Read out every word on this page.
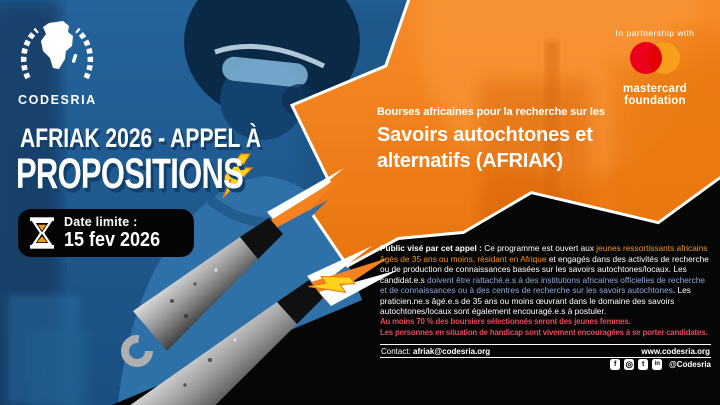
CODESRIA
AFRIAK 2026 - APPEL À
PROPOSITIONS
Date limite :
15 fev 2026
In partnership with
mastercard
foundation
Bourses africaines pour la recherche sur les
Savoirs autochtones et
alternatifs (AFRIAK)

Public visé par cet appel : Ce programme est ouvert aux jeunes ressortissants africains âgés de 35 ans ou moins, résidant en Afrique et engagés dans des activités de recherche ou de production de connaissances basées sur les savoirs autochtones/locaux. Les candidat.e.s doivent être rattaché.e.s à des institutions africaines officielles de recherche et de connaissances ou à des centres de recherche sur les savoirs autochtones. Les praticien.ne.s âgé.e.s de 35 ans ou moins œuvrant dans le domaine des savoirs autochtones/locaux sont également encouragé.e.s à postuler.

Au moins 70 % des boursiers sélectionnés seront des jeunes femmes.
Les personnes en situation de handicap sont vivement encouragées à se porter candidates.
Contact: afriak@codesria.org	www.codesria.org
f	◎	t	in	@Codesria
